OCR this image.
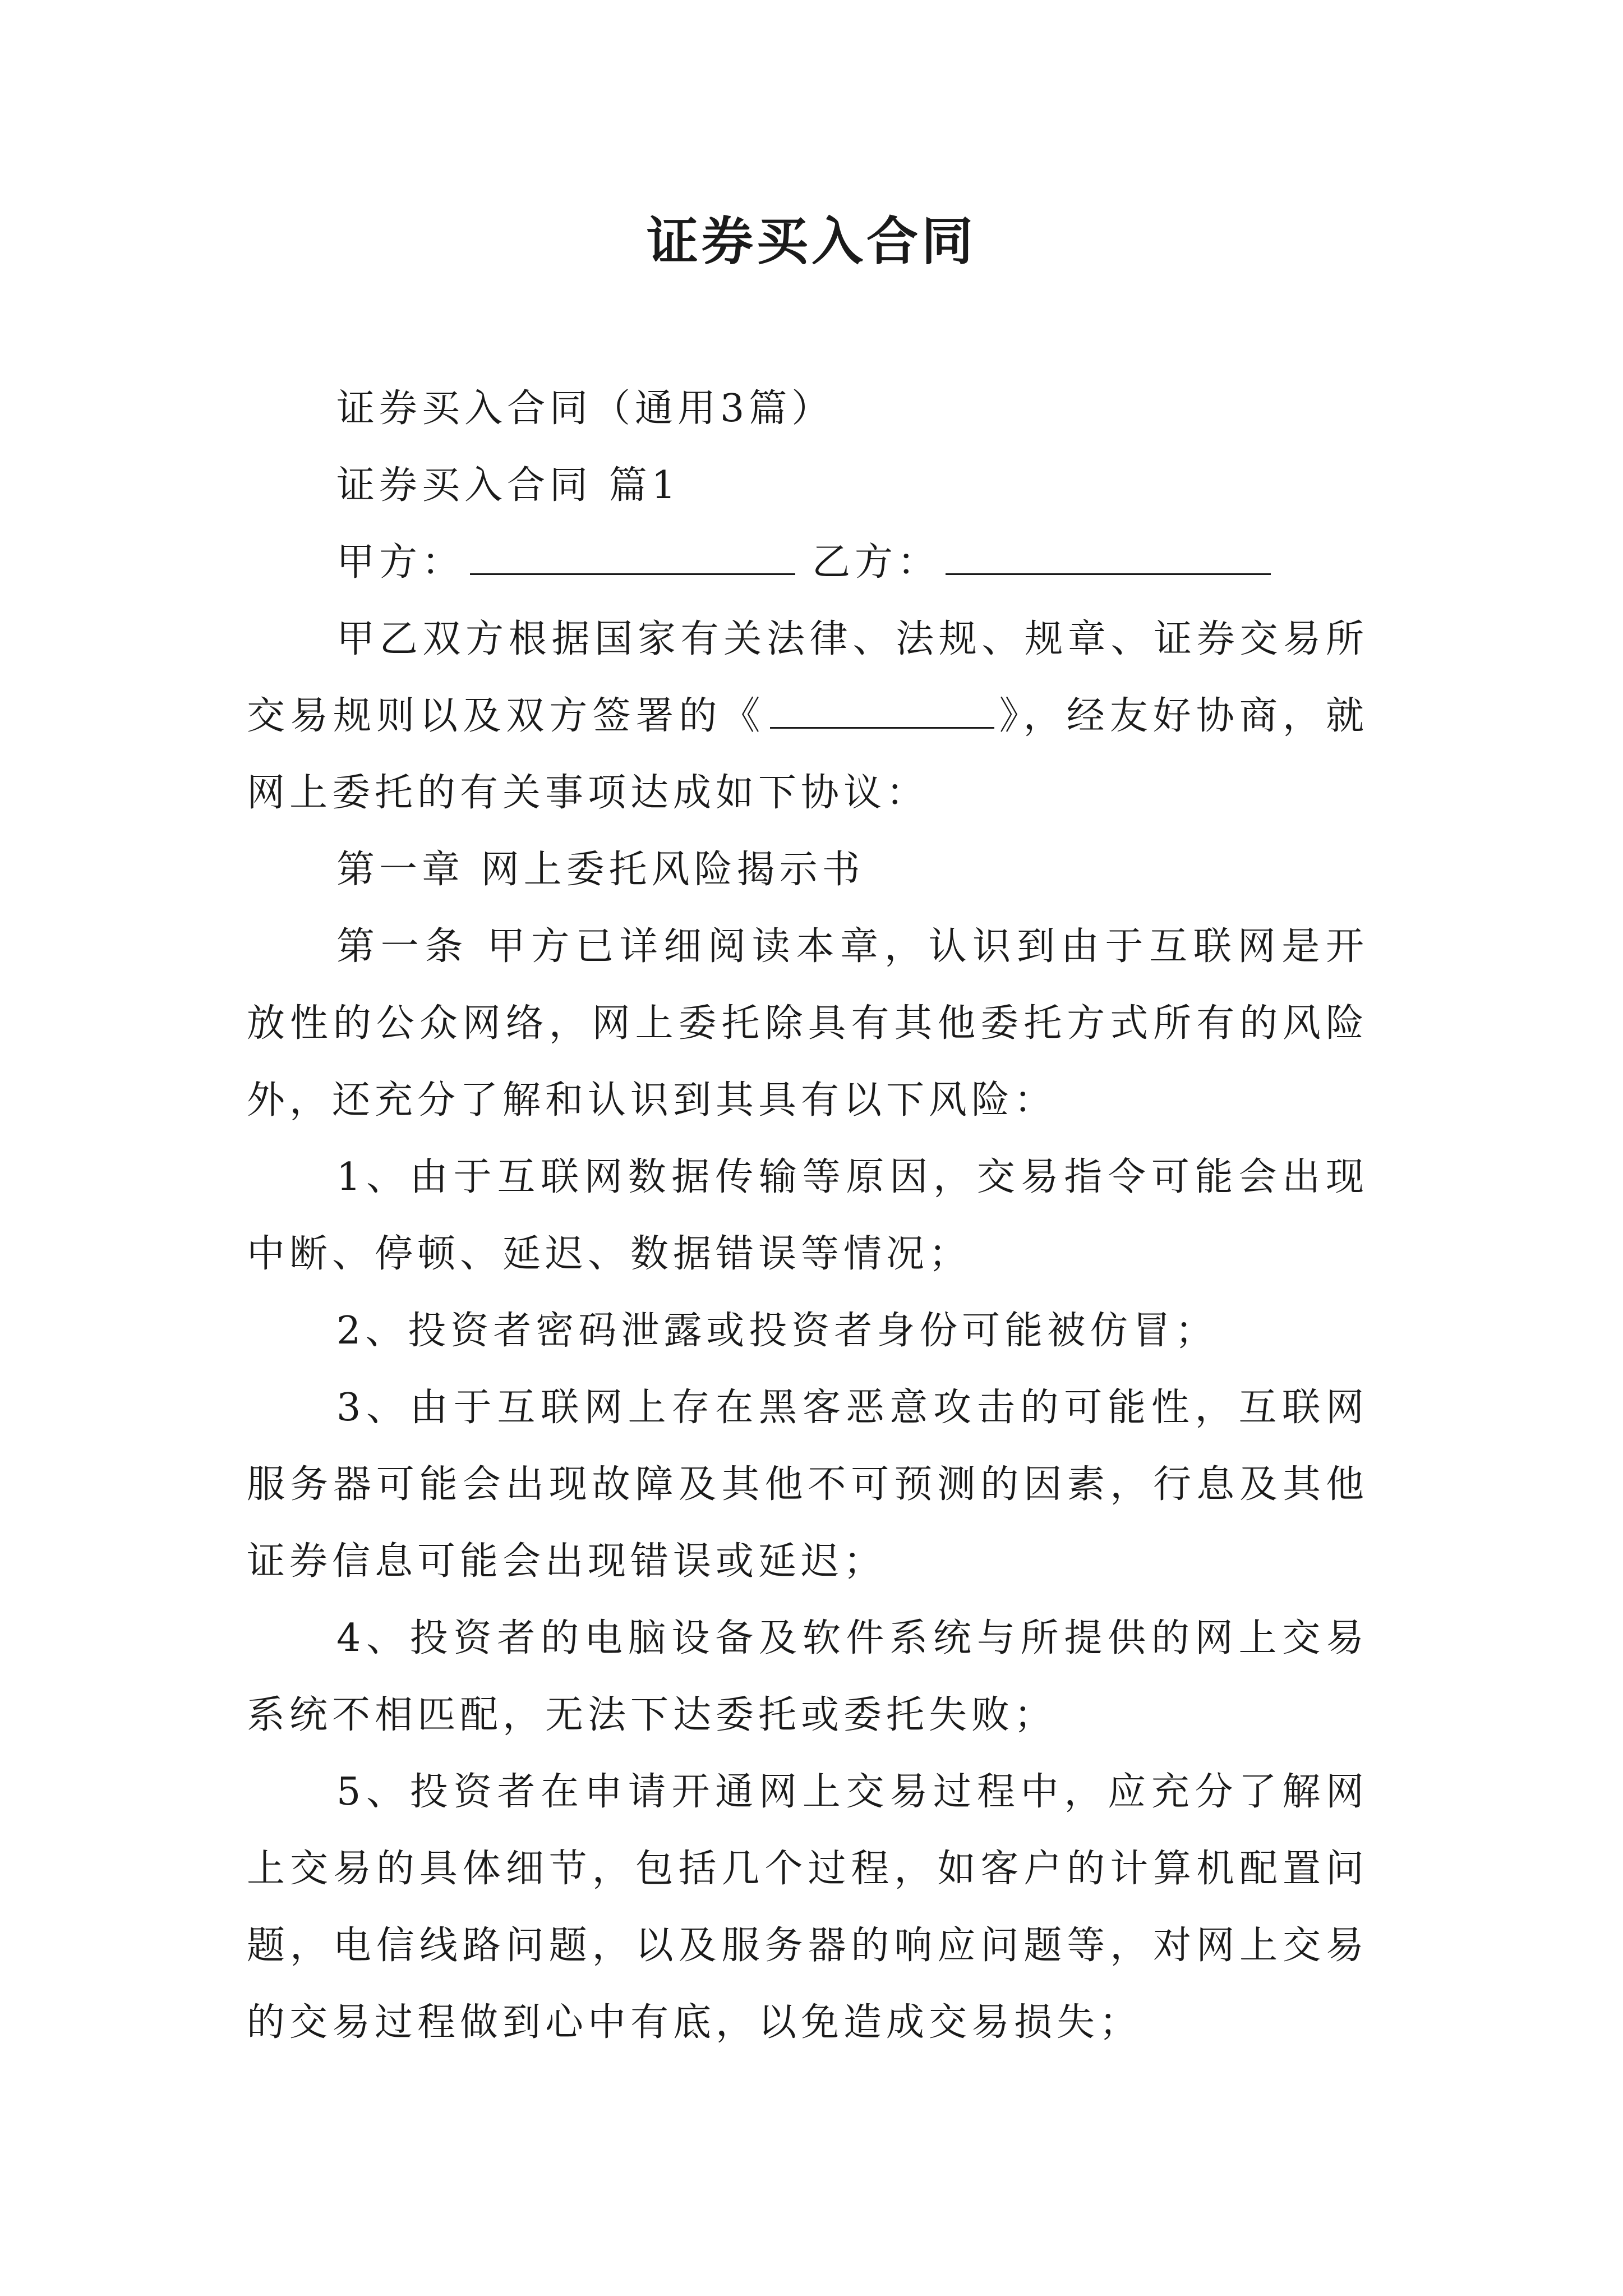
证券买入合同

证券买入合同（通用3篇）

证券买入合同 篇1

甲方：	乙方：

甲乙双方根据国家有关法律、法规、规章、证券交易所交易规则以及双方签署的《	》，经友好协商，就网上委托的有关事项达成如下协议：

第一章 网上委托风险揭示书

第一条 甲方已详细阅读本章，认识到由于互联网是开放性的公众网络，网上委托除具有其他委托方式所有的风险外，还充分了解和认识到其具有以下风险：

1、由于互联网数据传输等原因，交易指令可能会出现中断、停顿、延迟、数据错误等情况；

2、投资者密码泄露或投资者身份可能被仿冒；

3、由于互联网上存在黑客恶意攻击的可能性，互联网服务器可能会出现故障及其他不可预测的因素，行息及其他证券信息可能会出现错误或延迟；

4、投资者的电脑设备及软件系统与所提供的网上交易系统不相匹配，无法下达委托或委托失败；

5、投资者在申请开通网上交易过程中，应充分了解网上交易的具体细节，包括几个过程，如客户的计算机配置问题，电信线路问题，以及服务器的响应问题等，对网上交易的交易过程做到心中有底，以免造成交易损失；
